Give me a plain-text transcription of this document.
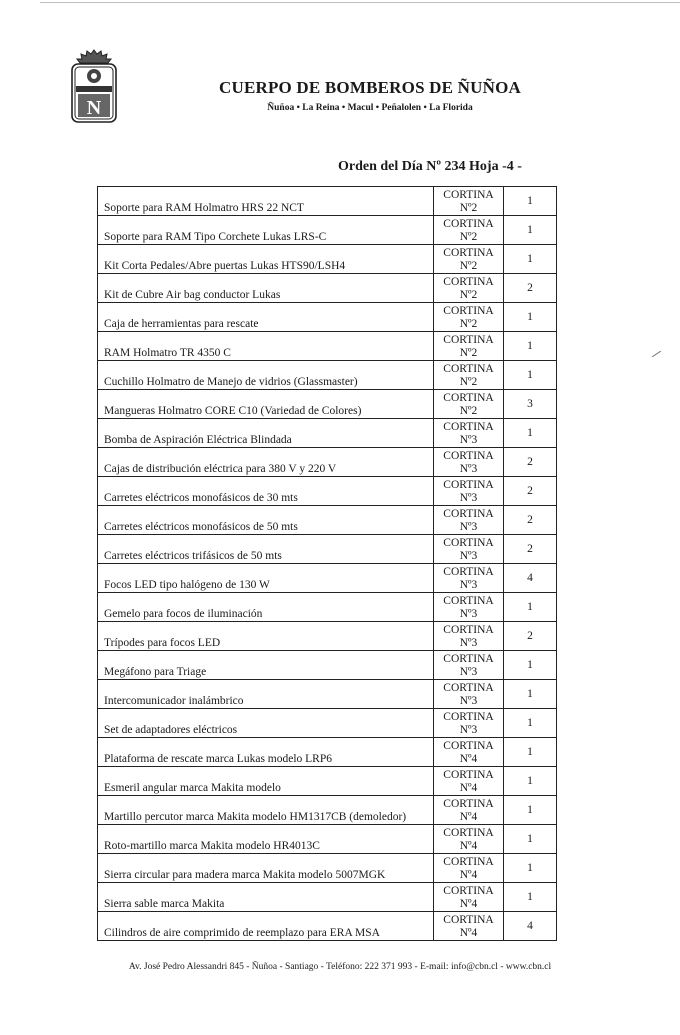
N
CUERPO DE BOMBEROS DE ÑUÑOA
Ñuñoa • La Reina • Macul • Peñalolen • La Florida
Orden del Día Nº 234 Hoja -4 -
Soporte para RAM Holmatro HRS 22 NCT	CORTINA
Nº2	1
Soporte para RAM Tipo Corchete Lukas LRS-C	CORTINA
Nº2	1
Kit Corta Pedales/Abre puertas Lukas HTS90/LSH4	CORTINA
Nº2	1
Kit de Cubre Air bag conductor Lukas	CORTINA
Nº2	2
Caja de herramientas para rescate	CORTINA
Nº2	1
RAM Holmatro TR 4350 C	CORTINA
Nº2	1
Cuchillo Holmatro de Manejo de vidrios (Glassmaster)	CORTINA
Nº2	1
Mangueras Holmatro CORE C10 (Variedad de Colores)	CORTINA
Nº2	3
Bomba de Aspiración Eléctrica Blindada	CORTINA
Nº3	1
Cajas de distribución eléctrica para 380 V y 220 V	CORTINA
Nº3	2
Carretes eléctricos monofásicos de 30 mts	CORTINA
Nº3	2
Carretes eléctricos monofásicos de 50 mts	CORTINA
Nº3	2
Carretes eléctricos trifásicos de 50 mts	CORTINA
Nº3	2
Focos LED tipo halógeno de 130 W	CORTINA
Nº3	4
Gemelo para focos de iluminación	CORTINA
Nº3	1
Trípodes para focos LED	CORTINA
Nº3	2
Megáfono para Triage	CORTINA
Nº3	1
Intercomunicador inalámbrico	CORTINA
Nº3	1
Set de adaptadores eléctricos	CORTINA
Nº3	1
Plataforma de rescate marca Lukas modelo LRP6	CORTINA
Nº4	1
Esmeril angular marca Makita modelo	CORTINA
Nº4	1
Martillo percutor marca Makita modelo HM1317CB (demoledor)	CORTINA
Nº4	1
Roto-martillo marca Makita modelo HR4013C	CORTINA
Nº4	1
Sierra circular para madera marca Makita modelo 5007MGK	CORTINA
Nº4	1
Sierra sable marca Makita	CORTINA
Nº4	1
Cilindros de aire comprimido de reemplazo para ERA MSA	CORTINA
Nº4	4
Av. José Pedro Alessandri 845 - Ñuñoa - Santiago - Teléfono: 222 371 993 - E-mail: info@cbn.cl - www.cbn.cl
